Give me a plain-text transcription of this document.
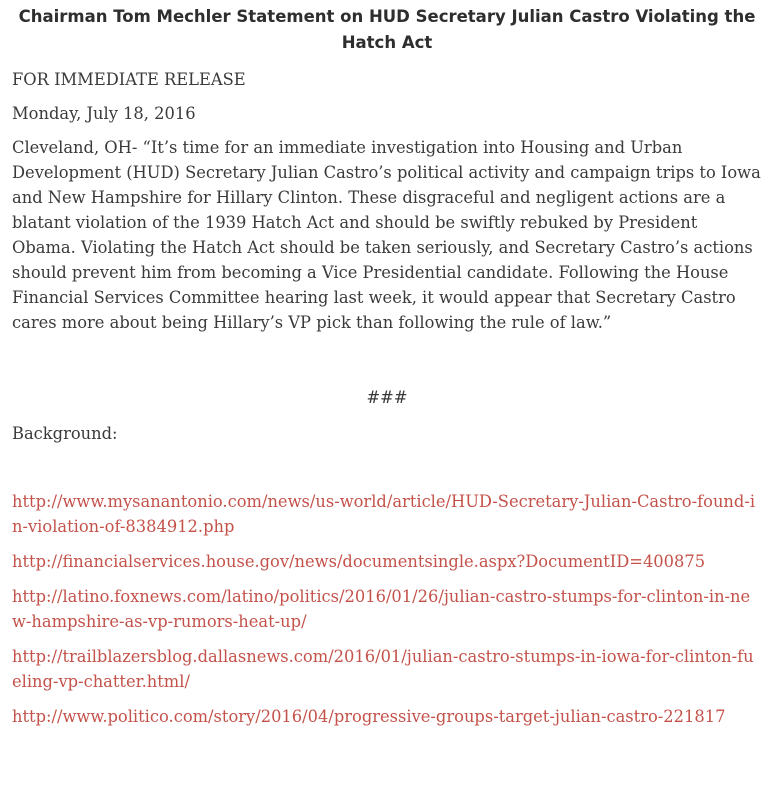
Chairman Tom Mechler Statement on HUD Secretary Julian Castro Violating the Hatch Act

FOR IMMEDIATE RELEASE

Monday, July 18, 2016

Cleveland, OH- “It’s time for an immediate investigation into Housing and Urban Development (HUD) Secretary Julian Castro’s political activity and campaign trips to Iowa and New Hampshire for Hillary Clinton. These disgraceful and negligent actions are a blatant violation of the 1939 Hatch Act and should be swiftly rebuked by President Obama. Violating the Hatch Act should be taken seriously, and Secretary Castro’s actions should prevent him from becoming a Vice Presidential candidate. Following the House Financial Services Committee hearing last week, it would appear that Secretary Castro cares more about being Hillary’s VP pick than following the rule of law.”

###

Background:

http://www.mysanantonio.com/news/us-world/article/HUD-Secretary-Julian-Castro-found-in-violation-of-8384912.php
http://financialservices.house.gov/news/documentsingle.aspx?DocumentID=400875
http://latino.foxnews.com/latino/politics/2016/01/26/julian-castro-stumps-for-clinton-in-new-hampshire-as-vp-rumors-heat-up/
http://trailblazersblog.dallasnews.com/2016/01/julian-castro-stumps-in-iowa-for-clinton-fueling-vp-chatter.html/
http://www.politico.com/story/2016/04/progressive-groups-target-julian-castro-221817
